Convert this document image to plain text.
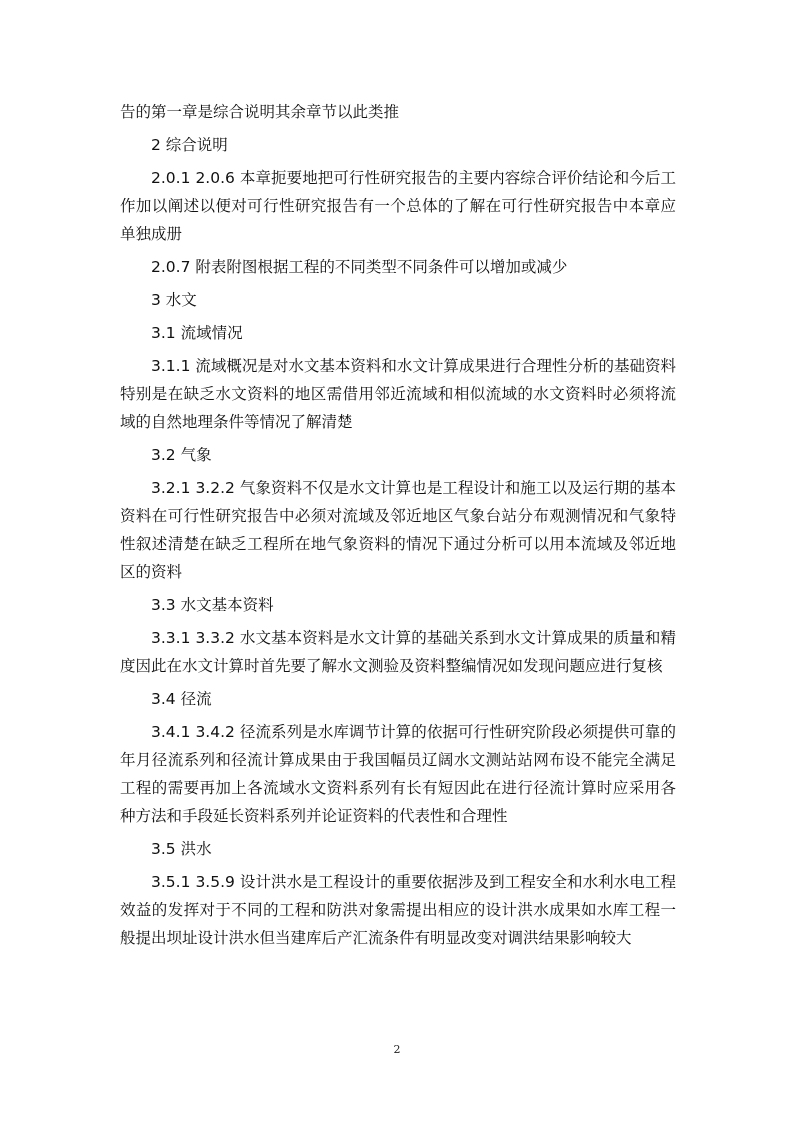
告的第一章是综合说明其余章节以此类推

2 综合说明

2.0.1 2.0.6 本章扼要地把可行性研究报告的主要内容综合评价结论和今后工作加以阐述以便对可行性研究报告有一个总体的了解在可行性研究报告中本章应单独成册

2.0.7 附表附图根据工程的不同类型不同条件可以增加或减少

3 水文

3.1 流域情况

3.1.1 流域概况是对水文基本资料和水文计算成果进行合理性分析的基础资料特别是在缺乏水文资料的地区需借用邻近流域和相似流域的水文资料时必须将流域的自然地理条件等情况了解清楚

3.2 气象

3.2.1 3.2.2 气象资料不仅是水文计算也是工程设计和施工以及运行期的基本资料在可行性研究报告中必须对流域及邻近地区气象台站分布观测情况和气象特性叙述清楚在缺乏工程所在地气象资料的情况下通过分析可以用本流域及邻近地区的资料

3.3 水文基本资料

3.3.1 3.3.2 水文基本资料是水文计算的基础关系到水文计算成果的质量和精度因此在水文计算时首先要了解水文测验及资料整编情况如发现问题应进行复核

3.4 径流

3.4.1 3.4.2 径流系列是水库调节计算的依据可行性研究阶段必须提供可靠的年月径流系列和径流计算成果由于我国幅员辽阔水文测站站网布设不能完全满足工程的需要再加上各流域水文资料系列有长有短因此在进行径流计算时应采用各种方法和手段延长资料系列并论证资料的代表性和合理性

3.5 洪水

3.5.1 3.5.9 设计洪水是工程设计的重要依据涉及到工程安全和水利水电工程效益的发挥对于不同的工程和防洪对象需提出相应的设计洪水成果如水库工程一般提出坝址设计洪水但当建库后产汇流条件有明显改变对调洪结果影响较大

2
